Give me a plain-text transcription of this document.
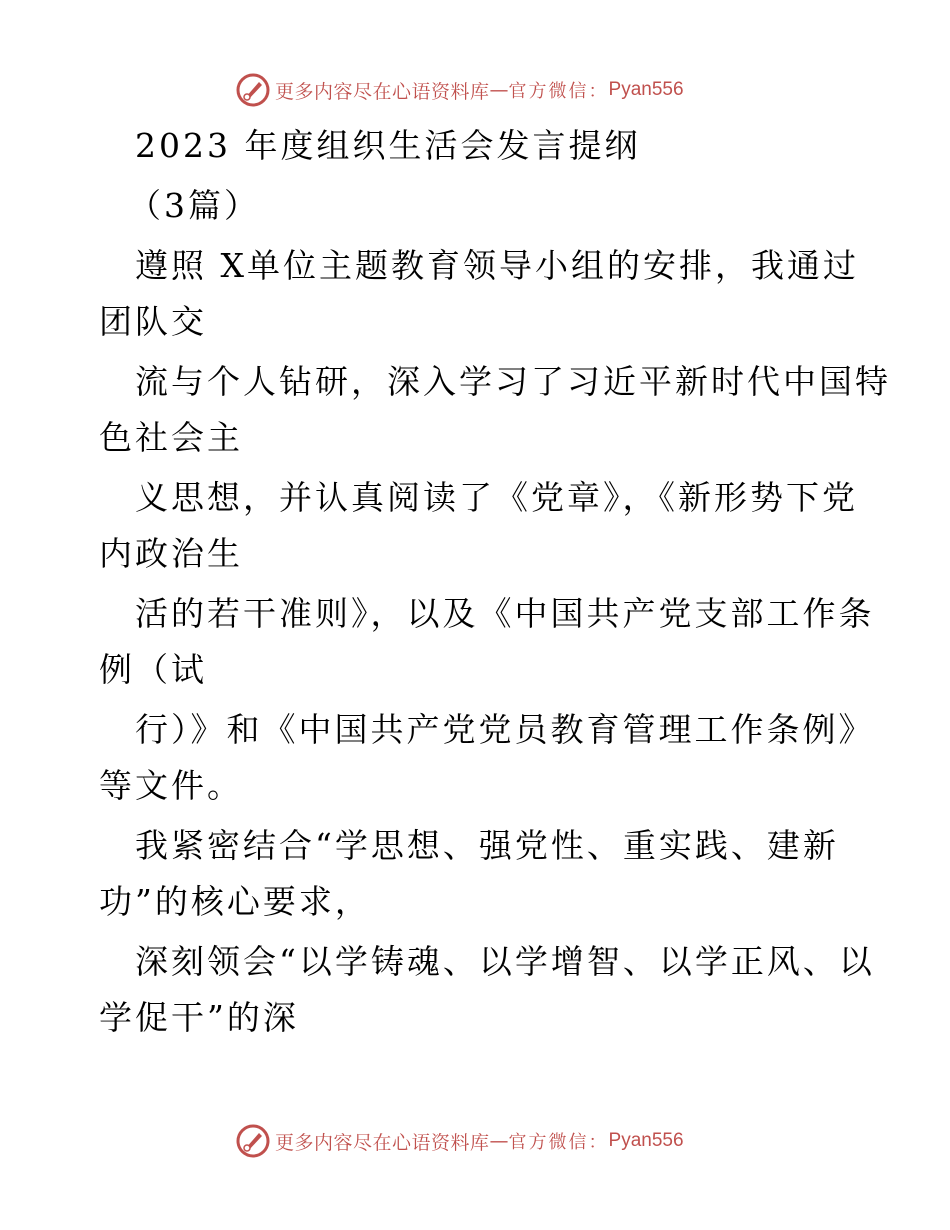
更多内容尽在心语资料库 — 官方微信： Pyan556
2023 年度组织生活会发言提纲
（3篇）
遵照 X单位主题教育领导小组的安排，我通过
团队交
流与个人钻研，深入学习了习近平新时代中国特
色社会主
义思想，并认真阅读了《党章》，《新形势下党
内政治生
活的若干准则》，以及《中国共产党支部工作条
例（试
行）》和《中国共产党党员教育管理工作条例》
等文件。
我紧密结合“学思想、强党性、重实践、建新
功”的核心要求，
深刻领会“以学铸魂、以学增智、以学正风、以
学促干”的深
更多内容尽在心语资料库 — 官方微信： Pyan556
